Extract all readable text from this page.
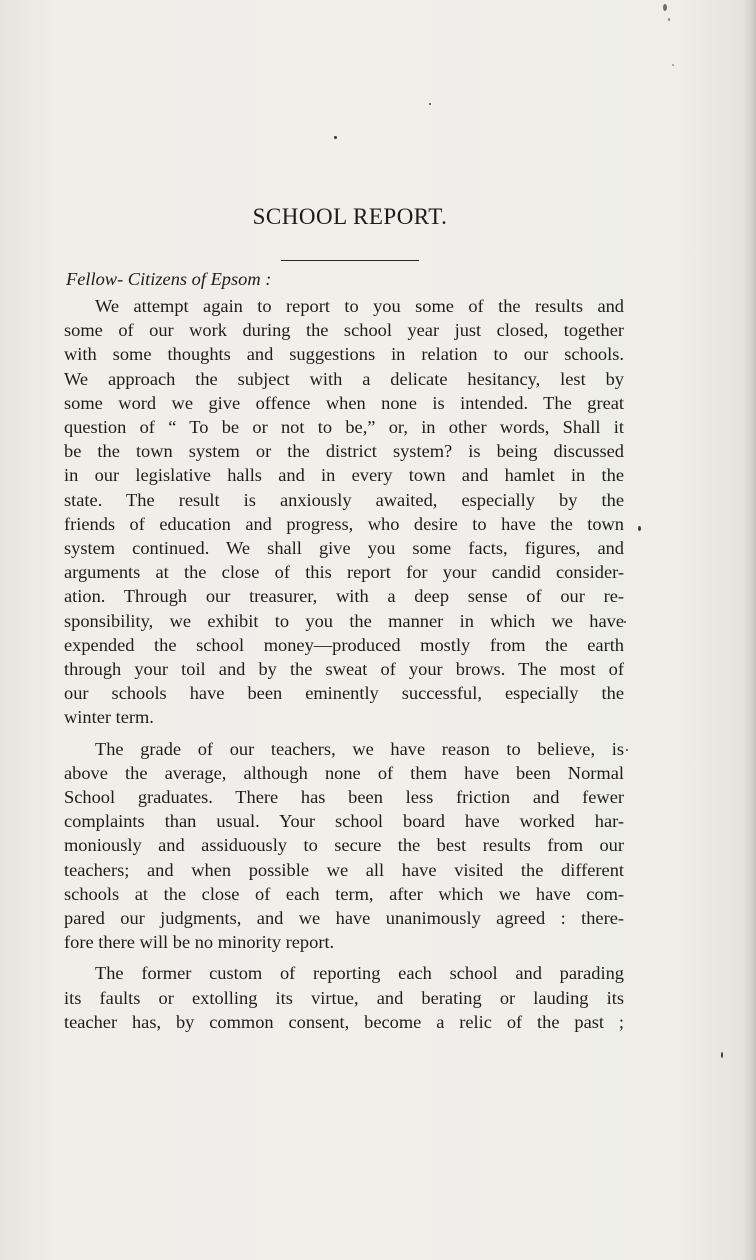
SCHOOL REPORT.

Fellow- Citizens of Epsom :

We attempt again to report to you some of the results and
some of our work during the school year just closed, together
with some thoughts and suggestions in relation to our schools.
We approach the subject with a delicate hesitancy, lest by
some word we give offence when none is intended. The great
question of “ To be or not to be,” or, in other words, Shall it
be the town system or the district system? is being discussed
in our legislative halls and in every town and hamlet in the
state. The result is anxiously awaited, especially by the
friends of education and progress, who desire to have the town
system continued. We shall give you some facts, figures, and
arguments at the close of this report for your candid consider-
ation. Through our treasurer, with a deep sense of our re-
sponsibility, we exhibit to you the manner in which we have
expended the school money—produced mostly from the earth
through your toil and by the sweat of your brows. The most of
our schools have been eminently successful, especially the
winter term.
The grade of our teachers, we have reason to believe, is
above the average, although none of them have been Normal
School graduates. There has been less friction and fewer
complaints than usual. Your school board have worked har-
moniously and assiduously to secure the best results from our
teachers; and when possible we all have visited the different
schools at the close of each term, after which we have com-
pared our judgments, and we have unanimously agreed : there-
fore there will be no minority report.
The former custom of reporting each school and parading
its faults or extolling its virtue, and berating or lauding its
teacher has, by common consent, become a relic of the past ;
